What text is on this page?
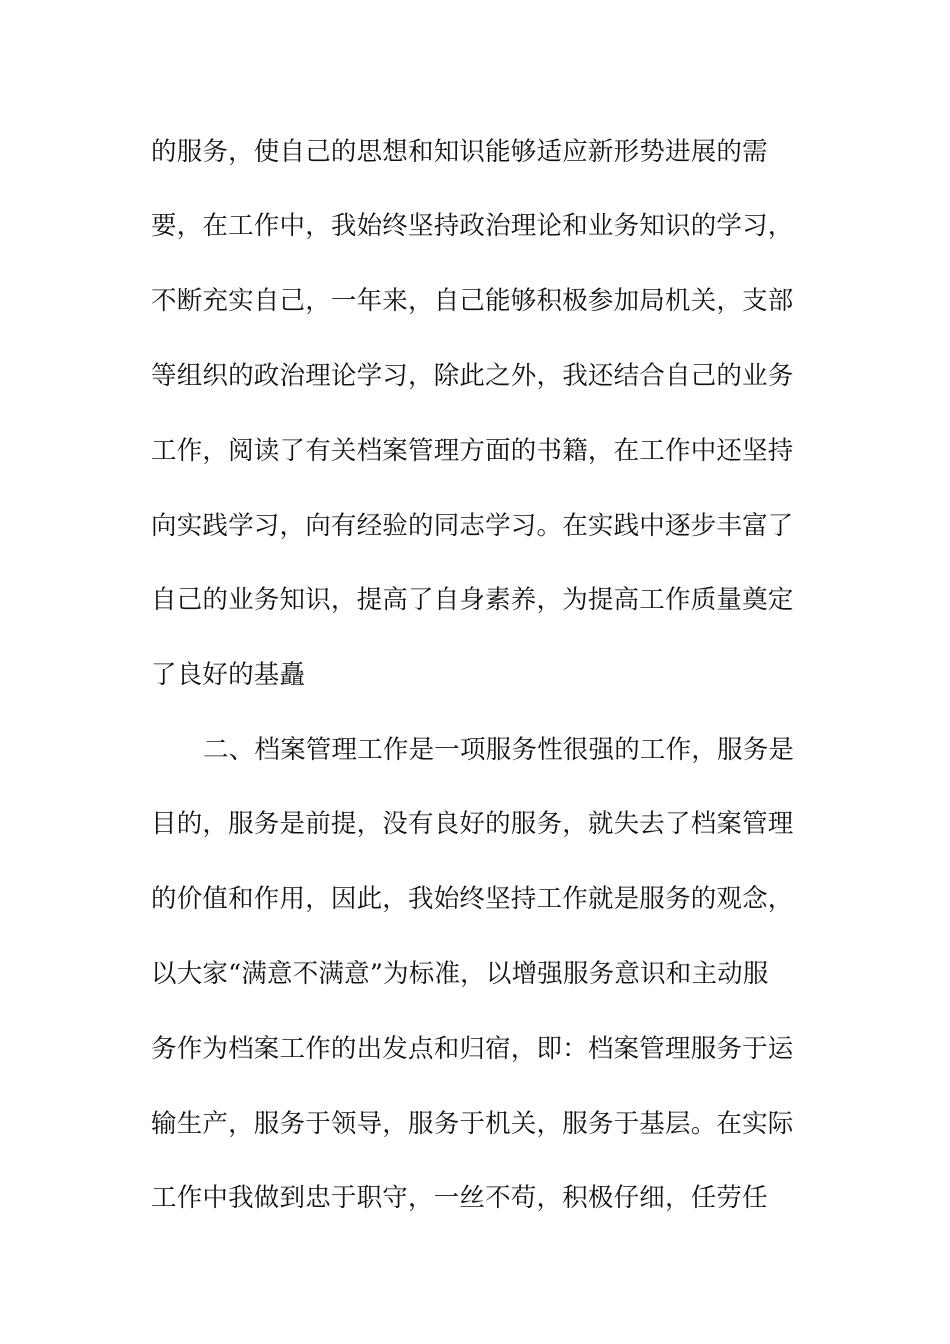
的服务，使自己的思想和知识能够适应新形势进展的需
要，在工作中，我始终坚持政治理论和业务知识的学习，
不断充实自己，一年来，自己能够积极参加局机关，支部
等组织的政治理论学习，除此之外，我还结合自己的业务
工作，阅读了有关档案管理方面的书籍，在工作中还坚持
向实践学习，向有经验的同志学习。在实践中逐步丰富了
自己的业务知识，提高了自身素养，为提高工作质量奠定
了良好的基矗
二、档案管理工作是一项服务性很强的工作，服务是
目的，服务是前提，没有良好的服务，就失去了档案管理
的价值和作用，因此，我始终坚持工作就是服务的观念，
以大家“满意不满意”为标准，以增强服务意识和主动服
务作为档案工作的出发点和归宿，即：档案管理服务于运
输生产，服务于领导，服务于机关，服务于基层。在实际
工作中我做到忠于职守，一丝不苟，积极仔细，任劳任
